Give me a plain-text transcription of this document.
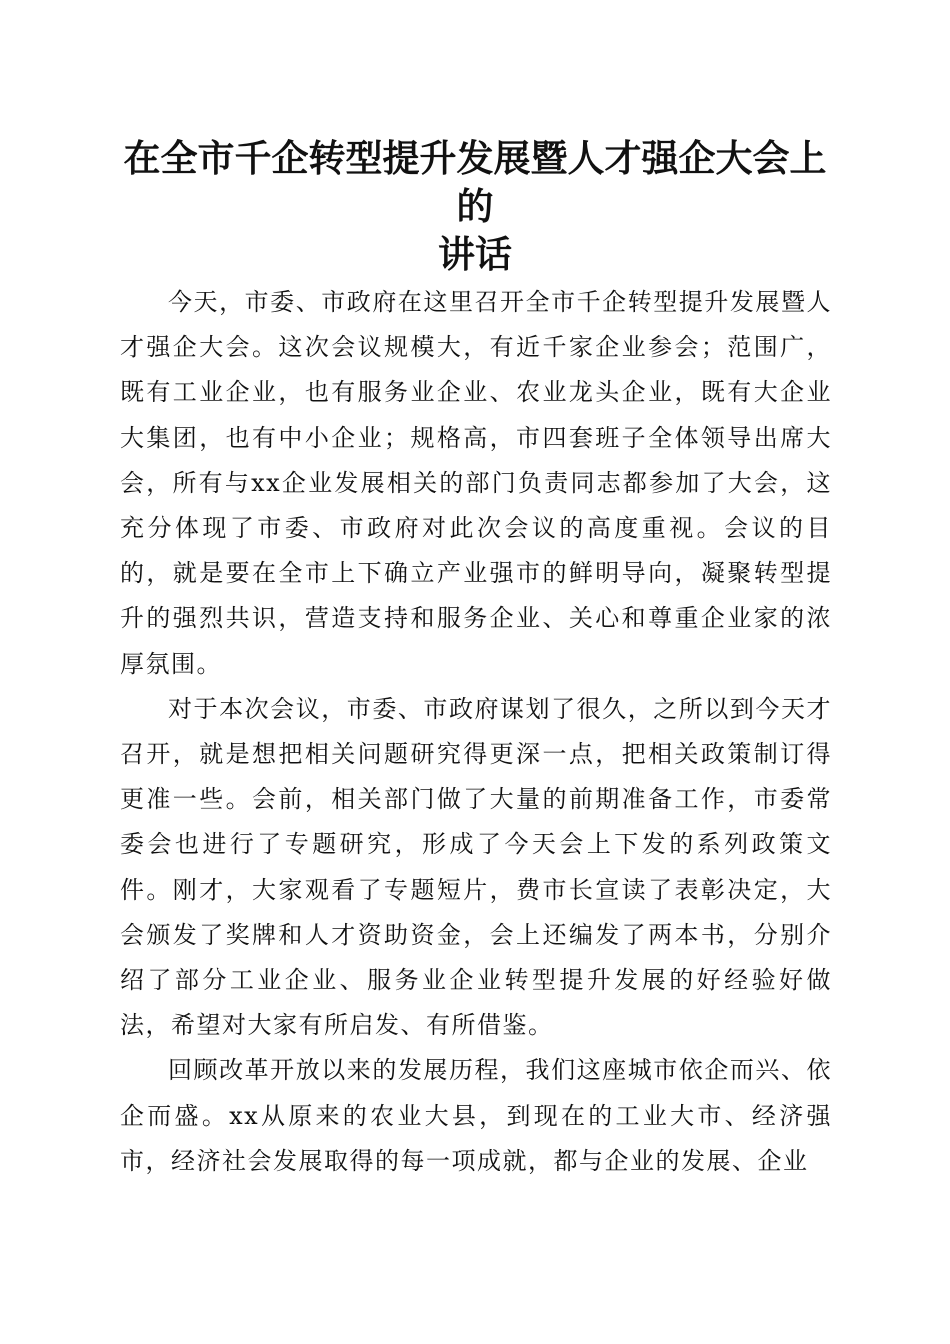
在全市千企转型提升发展暨人才强企大会上的
讲话

今天，市委、市政府在这里召开全市千企转型提升发展暨人才强企大会。这次会议规模大，有近千家企业参会；范围广，既有工业企业，也有服务业企业、农业龙头企业，既有大企业大集团，也有中小企业；规格高，市四套班子全体领导出席大会，所有与xx企业发展相关的部门负责同志都参加了大会，这充分体现了市委、市政府对此次会议的高度重视。会议的目的，就是要在全市上下确立产业强市的鲜明导向，凝聚转型提升的强烈共识，营造支持和服务企业、关心和尊重企业家的浓厚氛围。

对于本次会议，市委、市政府谋划了很久，之所以到今天才召开，就是想把相关问题研究得更深一点，把相关政策制订得更准一些。会前，相关部门做了大量的前期准备工作，市委常委会也进行了专题研究，形成了今天会上下发的系列政策文件。刚才，大家观看了专题短片，费市长宣读了表彰决定，大会颁发了奖牌和人才资助资金，会上还编发了两本书，分别介绍了部分工业企业、服务业企业转型提升发展的好经验好做法，希望对大家有所启发、有所借鉴。

回顾改革开放以来的发展历程，我们这座城市依企而兴、依企而盛。xx从原来的农业大县，到现在的工业大市、经济强市，经济社会发展取得的每一项成就，都与企业的发展、企业
